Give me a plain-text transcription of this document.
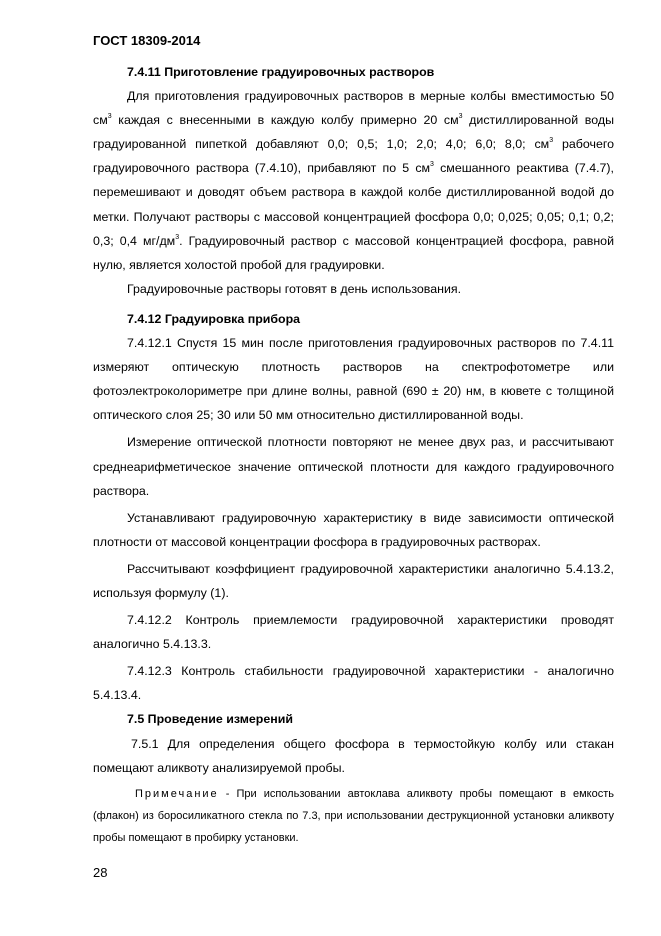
ГОСТ 18309-2014

7.4.11 Приготовление градуировочных растворов

Для приготовления градуировочных растворов в мерные колбы вместимостью 50 $см^3$ каждая с внесенными в каждую колбу примерно 20 $см^3$ дистиллированной воды градуированной пипеткой добавляют 0,0; 0,5; 1,0; 2,0; 4,0; 6,0; 8,0; $см^3$ рабочего градуировочного раствора (7.4.10), прибавляют по 5 $см^3$ смешанного реактива (7.4.7), перемешивают и доводят объем раствора в каждой колбе дистиллированной водой до метки. Получают растворы с массовой концентрацией фосфора 0,0; 0,025; 0,05; 0,1; 0,2; 0,3; 0,4 $мг/дм^3$. Градуировочный раствор с массовой концентрацией фосфора, равной нулю, является холостой пробой для градуировки.

Градуировочные растворы готовят в день использования.

7.4.12 Градуировка прибора

7.4.12.1 Спустя 15 мин после приготовления градуировочных растворов по 7.4.11 измеряют оптическую плотность растворов на спектрофотометре или фотоэлектроколориметре при длине волны, равной (690 ± 20) нм, в кювете с толщиной оптического слоя 25; 30 или 50 мм относительно дистиллированной воды.

Измерение оптической плотности повторяют не менее двух раз, и рассчитывают среднеарифметическое значение оптической плотности для каждого градуировочного раствора.

Устанавливают градуировочную характеристику в виде зависимости оптической плотности от массовой концентрации фосфора в градуировочных растворах.

Рассчитывают коэффициент градуировочной характеристики аналогично 5.4.13.2, используя формулу (1).

7.4.12.2 Контроль приемлемости градуировочной характеристики проводят аналогично 5.4.13.3.

7.4.12.3 Контроль стабильности градуировочной характеристики - аналогично 5.4.13.4.

7.5 Проведение измерений

7.5.1 Для определения общего фосфора в термостойкую колбу или стакан помещают аликвоту анализируемой пробы.

Примечание - При использовании автоклава аликвоту пробы помещают в емкость (флакон) из боросиликатного стекла по 7.3, при использовании деструкционной установки аликвоту пробы помещают в пробирку установки.

28
